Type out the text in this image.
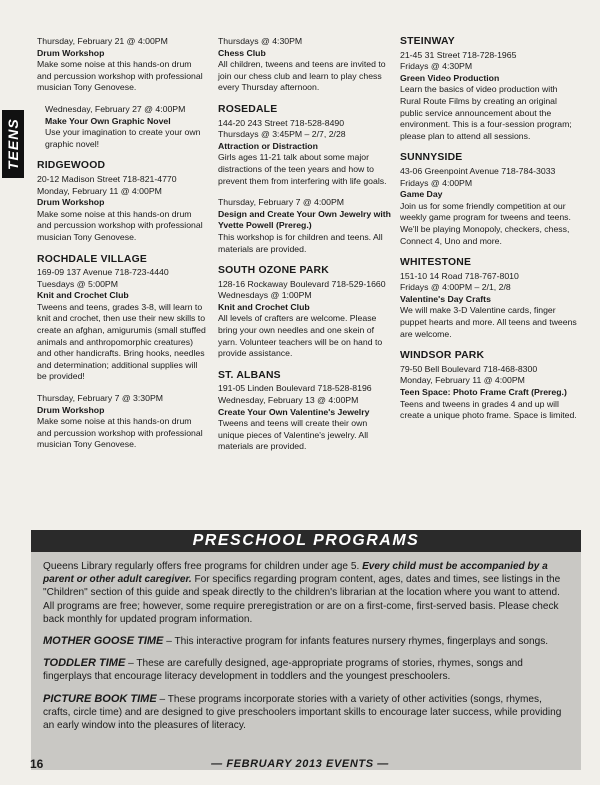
TEENS
Thursday, February 21 @ 4:00PM
Drum Workshop
Make some noise at this hands-on drum and percussion workshop with professional musician Tony Genovese.
Wednesday, February 27 @ 4:00PM
Make Your Own Graphic Novel
Use your imagination to create your own graphic novel!
RIDGEWOOD
20-12 Madison Street 718-821-4770
Monday, February 11 @ 4:00PM
Drum Workshop
Make some noise at this hands-on drum and percussion workshop with professional musician Tony Genovese.
ROCHDALE VILLAGE
169-09 137 Avenue 718-723-4440
Tuesdays @ 5:00PM
Knit and Crochet Club
Tweens and teens, grades 3-8, will learn to knit and crochet, then use their new skills to create an afghan, amigurumis (small stuffed animals and anthropomorphic creatures) and other handicrafts. Bring hooks, needles and determination; additional supplies will be provided!
Thursday, February 7 @ 3:30PM
Drum Workshop
Make some noise at this hands-on drum and percussion workshop with professional musician Tony Genovese.
Thursdays @ 4:30PM
Chess Club
All children, tweens and teens are invited to join our chess club and learn to play chess every Thursday afternoon.
ROSEDALE
144-20 243 Street 718-528-8490
Thursdays @ 3:45PM – 2/7, 2/28
Attraction or Distraction
Girls ages 11-21 talk about some major distractions of the teen years and how to prevent them from interfering with life goals.
Thursday, February 7 @ 4:00PM
Design and Create Your Own Jewelry with Yvette Powell (Prereg.)
This workshop is for children and teens. All materials are provided.
SOUTH OZONE PARK
128-16 Rockaway Boulevard 718-529-1660
Wednesdays @ 1:00PM
Knit and Crochet Club
All levels of crafters are welcome. Please bring your own needles and one skein of yarn. Volunteer teachers will be on hand to provide assistance.
ST. ALBANS
191-05 Linden Boulevard 718-528-8196
Wednesday, February 13 @ 4:00PM
Create Your Own Valentine's Jewelry
Tweens and teens will create their own unique pieces of Valentine's jewelry. All materials are provided.
STEINWAY
21-45 31 Street 718-728-1965
Fridays @ 4:30PM
Green Video Production
Learn the basics of video production with Rural Route Films by creating an original public service announcement about the environment. This is a four-session program; please plan to attend all sessions.
SUNNYSIDE
43-06 Greenpoint Avenue 718-784-3033
Fridays @ 4:00PM
Game Day
Join us for some friendly competition at our weekly game program for tweens and teens. We'll be playing Monopoly, checkers, chess, Connect 4, Uno and more.
WHITESTONE
151-10 14 Road 718-767-8010
Fridays @ 4:00PM – 2/1, 2/8
Valentine's Day Crafts
We will make 3-D Valentine cards, finger puppet hearts and more. All teens and tweens are welcome.
WINDSOR PARK
79-50 Bell Boulevard 718-468-8300
Monday, February 11 @ 4:00PM
Teen Space: Photo Frame Craft (Prereg.)
Teens and tweens in grades 4 and up will create a unique photo frame. Space is limited.
PRESCHOOL PROGRAMS

Queens Library regularly offers free programs for children under age 5. Every child must be accompanied by a parent or other adult caregiver. For specifics regarding program content, ages, dates and times, see listings in the "Children" section of this guide and speak directly to the children's librarian at the location where you want to attend. All programs are free; however, some require preregistration or are on a first-come, first-served basis. Please check back monthly for updated program information.

MOTHER GOOSE TIME – This interactive program for infants features nursery rhymes, fingerplays and songs.

TODDLER TIME – These are carefully designed, age-appropriate programs of stories, rhymes, songs and fingerplays that encourage literacy development in toddlers and the youngest preschoolers.

PICTURE BOOK TIME – These programs incorporate stories with a variety of other activities (songs, rhymes, crafts, circle time) and are designed to give preschoolers important skills to encourage later success, while providing an early window into the pleasures of literacy.

16	— FEBRUARY 2013 EVENTS —
